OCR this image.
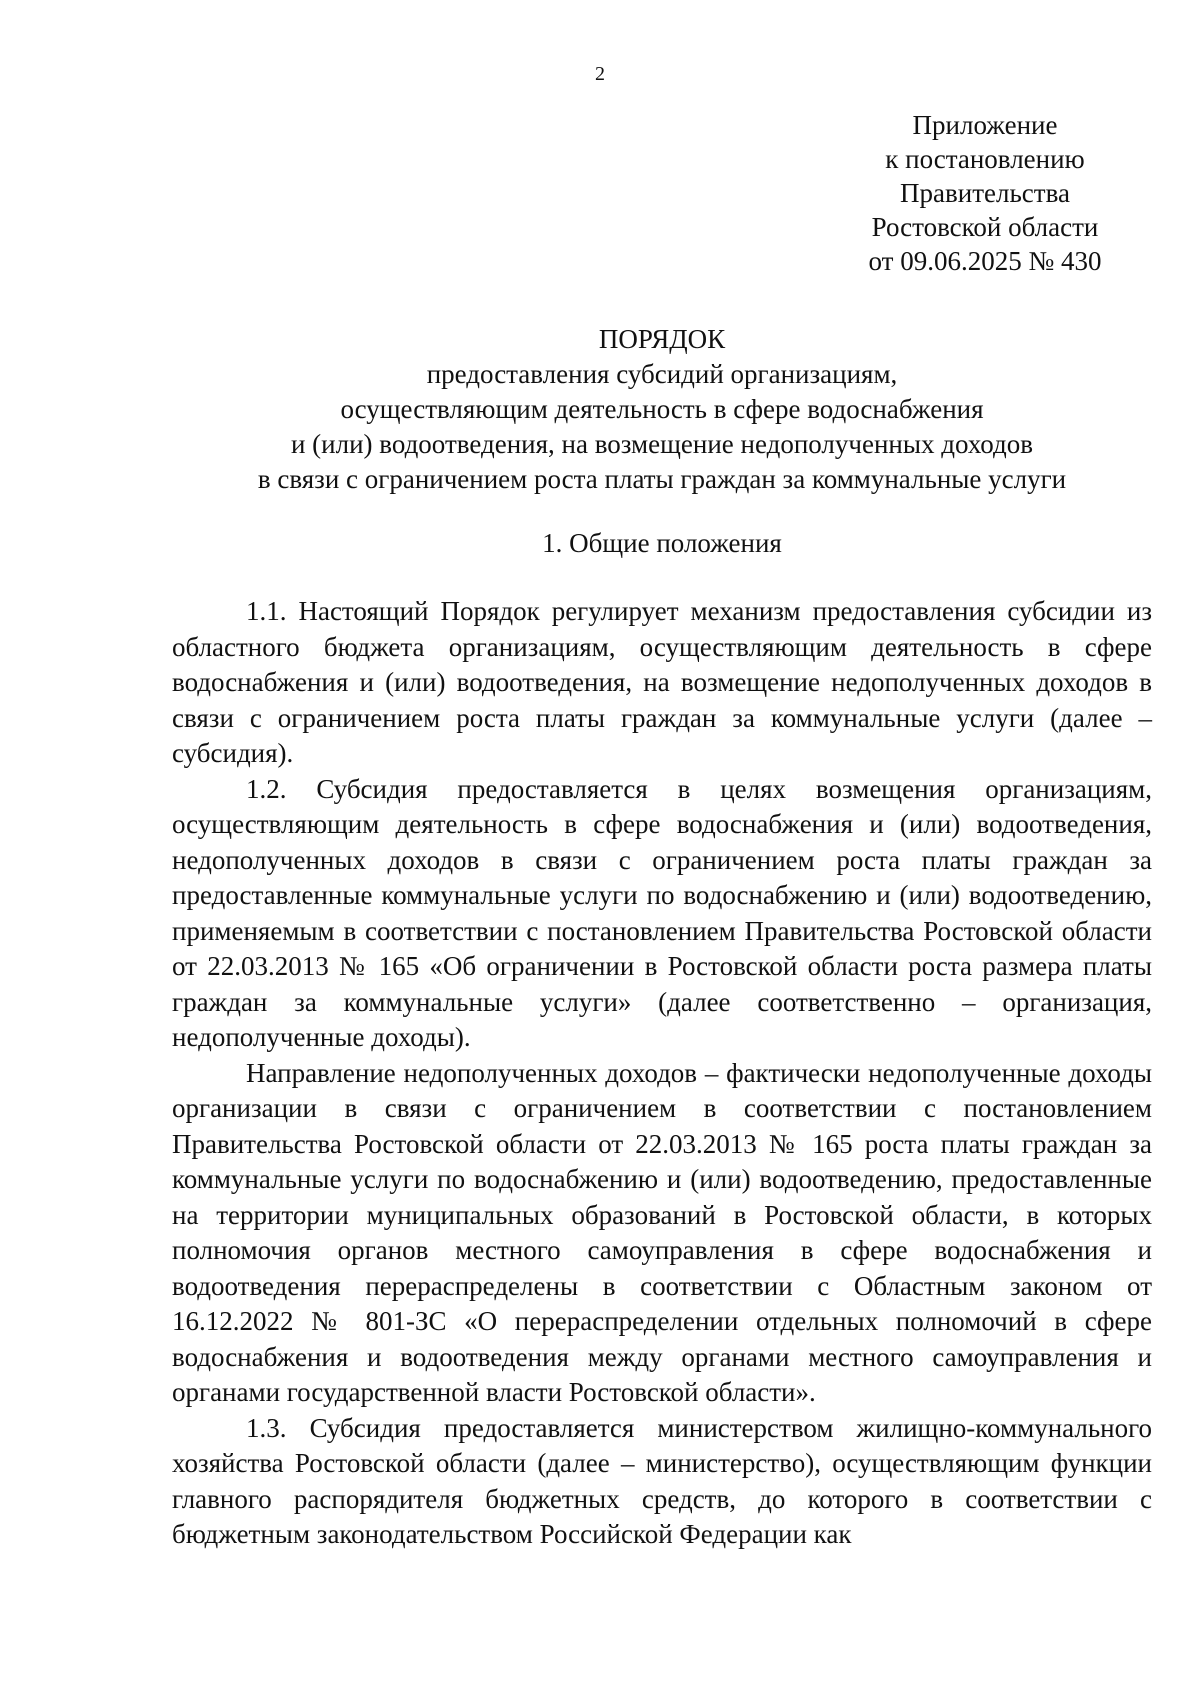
2
Приложение
к постановлению
Правительства
Ростовской области
от 09.06.2025 № 430
ПОРЯДОК
предоставления субсидий организациям,
осуществляющим деятельность в сфере водоснабжения
и (или) водоотведения, на возмещение недополученных доходов
в связи с ограничением роста платы граждан за коммунальные услуги
1. Общие положения

1.1. Настоящий Порядок регулирует механизм предоставления субсидии из областного бюджета организациям, осуществляющим деятельность в сфере водоснабжения и (или) водоотведения, на возмещение недополученных доходов в связи с ограничением роста платы граждан за коммунальные услуги (далее – субсидия).

1.2. Субсидия предоставляется в целях возмещения организациям, осуществляющим деятельность в сфере водоснабжения и (или) водоотведения, недополученных доходов в связи с ограничением роста платы граждан за предоставленные коммунальные услуги по водоснабжению и (или) водоотведению, применяемым в соответствии с постановлением Правительства Ростовской области от 22.03.2013 № 165 «Об ограничении в Ростовской области роста размера платы граждан за коммунальные услуги» (далее соответственно – организация, недополученные доходы).

Направление недополученных доходов – фактически недополученные доходы организации в связи с ограничением в соответствии с постановлением Правительства Ростовской области от 22.03.2013 № 165 роста платы граждан за коммунальные услуги по водоснабжению и (или) водоотведению, предоставленные на территории муниципальных образований в Ростовской области, в которых полномочия органов местного самоуправления в сфере водоснабжения и водоотведения перераспределены в соответствии с Областным законом от 16.12.2022 № 801-ЗС «О перераспределении отдельных полномочий в сфере водоснабжения и водоотведения между органами местного самоуправления и органами государственной власти Ростовской области».

1.3. Субсидия предоставляется министерством жилищно-коммунального хозяйства Ростовской области (далее – министерство), осуществляющим функции главного распорядителя бюджетных средств, до которого в соответствии с бюджетным законодательством Российской Федерации как
